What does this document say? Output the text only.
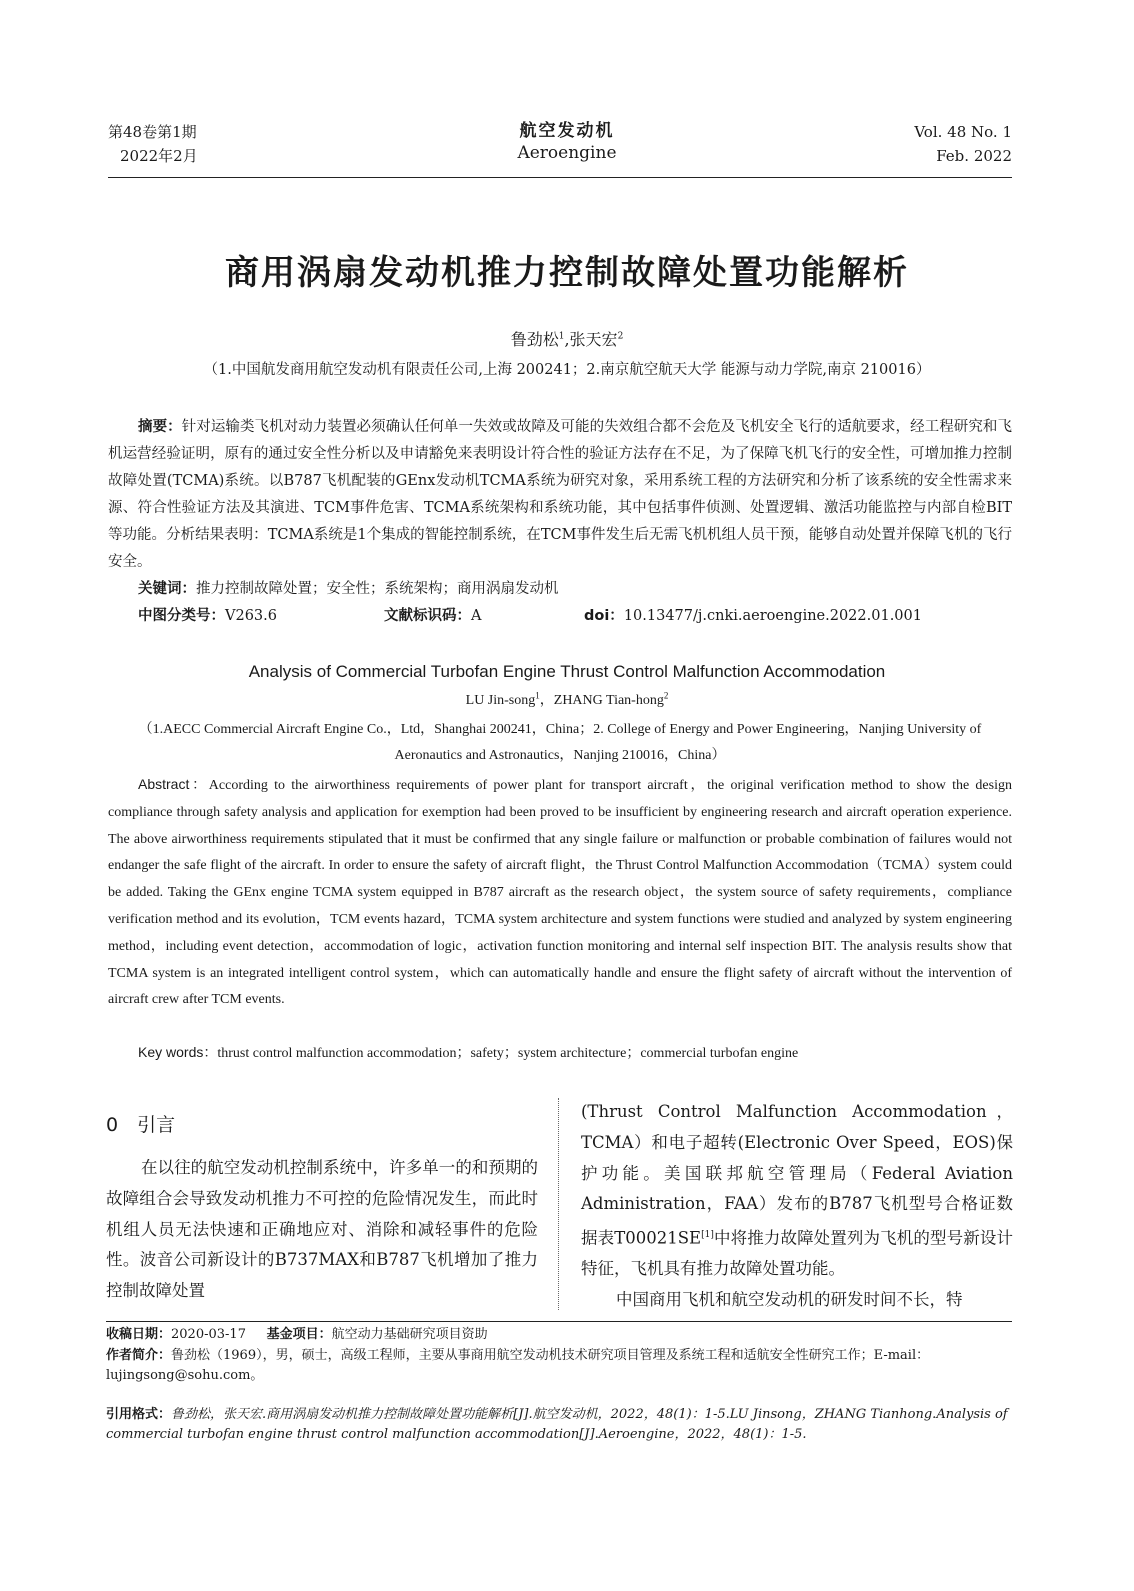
第48卷第1期
2022年2月
航空发动机
Aeroengine
Vol. 48 No. 1
Feb. 2022
商用涡扇发动机推力控制故障处置功能解析
鲁劲松$^1$,张天宏$^2$
（1.中国航发商用航空发动机有限责任公司,上海 200241；2.南京航空航天大学 能源与动力学院,南京 210016）
摘要：针对运输类飞机对动力装置必须确认任何单一失效或故障及可能的失效组合都不会危及飞机安全飞行的适航要求，经工程研究和飞机运营经验证明，原有的通过安全性分析以及申请豁免来表明设计符合性的验证方法存在不足，为了保障飞机飞行的安全性，可增加推力控制故障处置(TCMA)系统。以B787飞机配装的GEnx发动机TCMA系统为研究对象，采用系统工程的方法研究和分析了该系统的安全性需求来源、符合性验证方法及其演进、TCM事件危害、TCMA系统架构和系统功能，其中包括事件侦测、处置逻辑、激活功能监控与内部自检BIT等功能。分析结果表明：TCMA系统是1个集成的智能控制系统，在TCM事件发生后无需飞机机组人员干预，能够自动处置并保障飞机的飞行安全。
关键词：推力控制故障处置；安全性；系统架构；商用涡扇发动机
中图分类号：V263.6	文献标识码：A	doi：10.13477/j.cnki.aeroengine.2022.01.001
Analysis of Commercial Turbofan Engine Thrust Control Malfunction Accommodation
LU Jin-song$^1$，ZHANG Tian-hong$^2$
（1.AECC Commercial Aircraft Engine Co.，Ltd，Shanghai 200241，China；2. College of Energy and Power Engineering，Nanjing University of Aeronautics and Astronautics，Nanjing 210016，China）
Abstract：According to the airworthiness requirements of power plant for transport aircraft，the original verification method to show the design compliance through safety analysis and application for exemption had been proved to be insufficient by engineering research and aircraft operation experience. The above airworthiness requirements stipulated that it must be confirmed that any single failure or malfunction or probable combination of failures would not endanger the safe flight of the aircraft. In order to ensure the safety of aircraft flight，the Thrust Control Malfunction Accommodation（TCMA）system could be added. Taking the GEnx engine TCMA system equipped in B787 aircraft as the research object，the system source of safety requirements，compliance verification method and its evolution，TCM events hazard，TCMA system architecture and system functions were studied and analyzed by system engineering method，including event detection，accommodation of logic，activation function monitoring and internal self inspection BIT. The analysis results show that TCMA system is an integrated intelligent control system，which can automatically handle and ensure the flight safety of aircraft without the intervention of aircraft crew after TCM events.
Key words：thrust control malfunction accommodation；safety；system architecture；commercial turbofan engine
0　引言

在以往的航空发动机控制系统中，许多单一的和预期的故障组合会导致发动机推力不可控的危险情况发生，而此时机组人员无法快速和正确地应对、消除和减轻事件的危险性。波音公司新设计的B737MAX和B787飞机增加了推力控制故障处置

(Thrust Control Malfunction Accommodation，TCMA）和电子超转(Electronic Over Speed，EOS)保护功能。美国联邦航空管理局（Federal Aviation Administration，FAA）发布的B787飞机型号合格证数据表T00021SE[1]中将推力故障处置列为飞机的型号新设计特征，飞机具有推力故障处置功能。

中国商用飞机和航空发动机的研发时间不长，特

收稿日期：2020-03-17 基金项目：航空动力基础研究项目资助
作者简介：鲁劲松（1969），男，硕士，高级工程师，主要从事商用航空发动机技术研究项目管理及系统工程和适航安全性研究工作；E-mail：lujingsong@sohu.com。
引用格式：鲁劲松，张天宏.商用涡扇发动机推力控制故障处置功能解析[J].航空发动机，2022，48(1)：1-5.LU Jinsong，ZHANG Tianhong.Analysis of commercial turbofan engine thrust control malfunction accommodation[J].Aeroengine，2022，48(1)：1-5.
